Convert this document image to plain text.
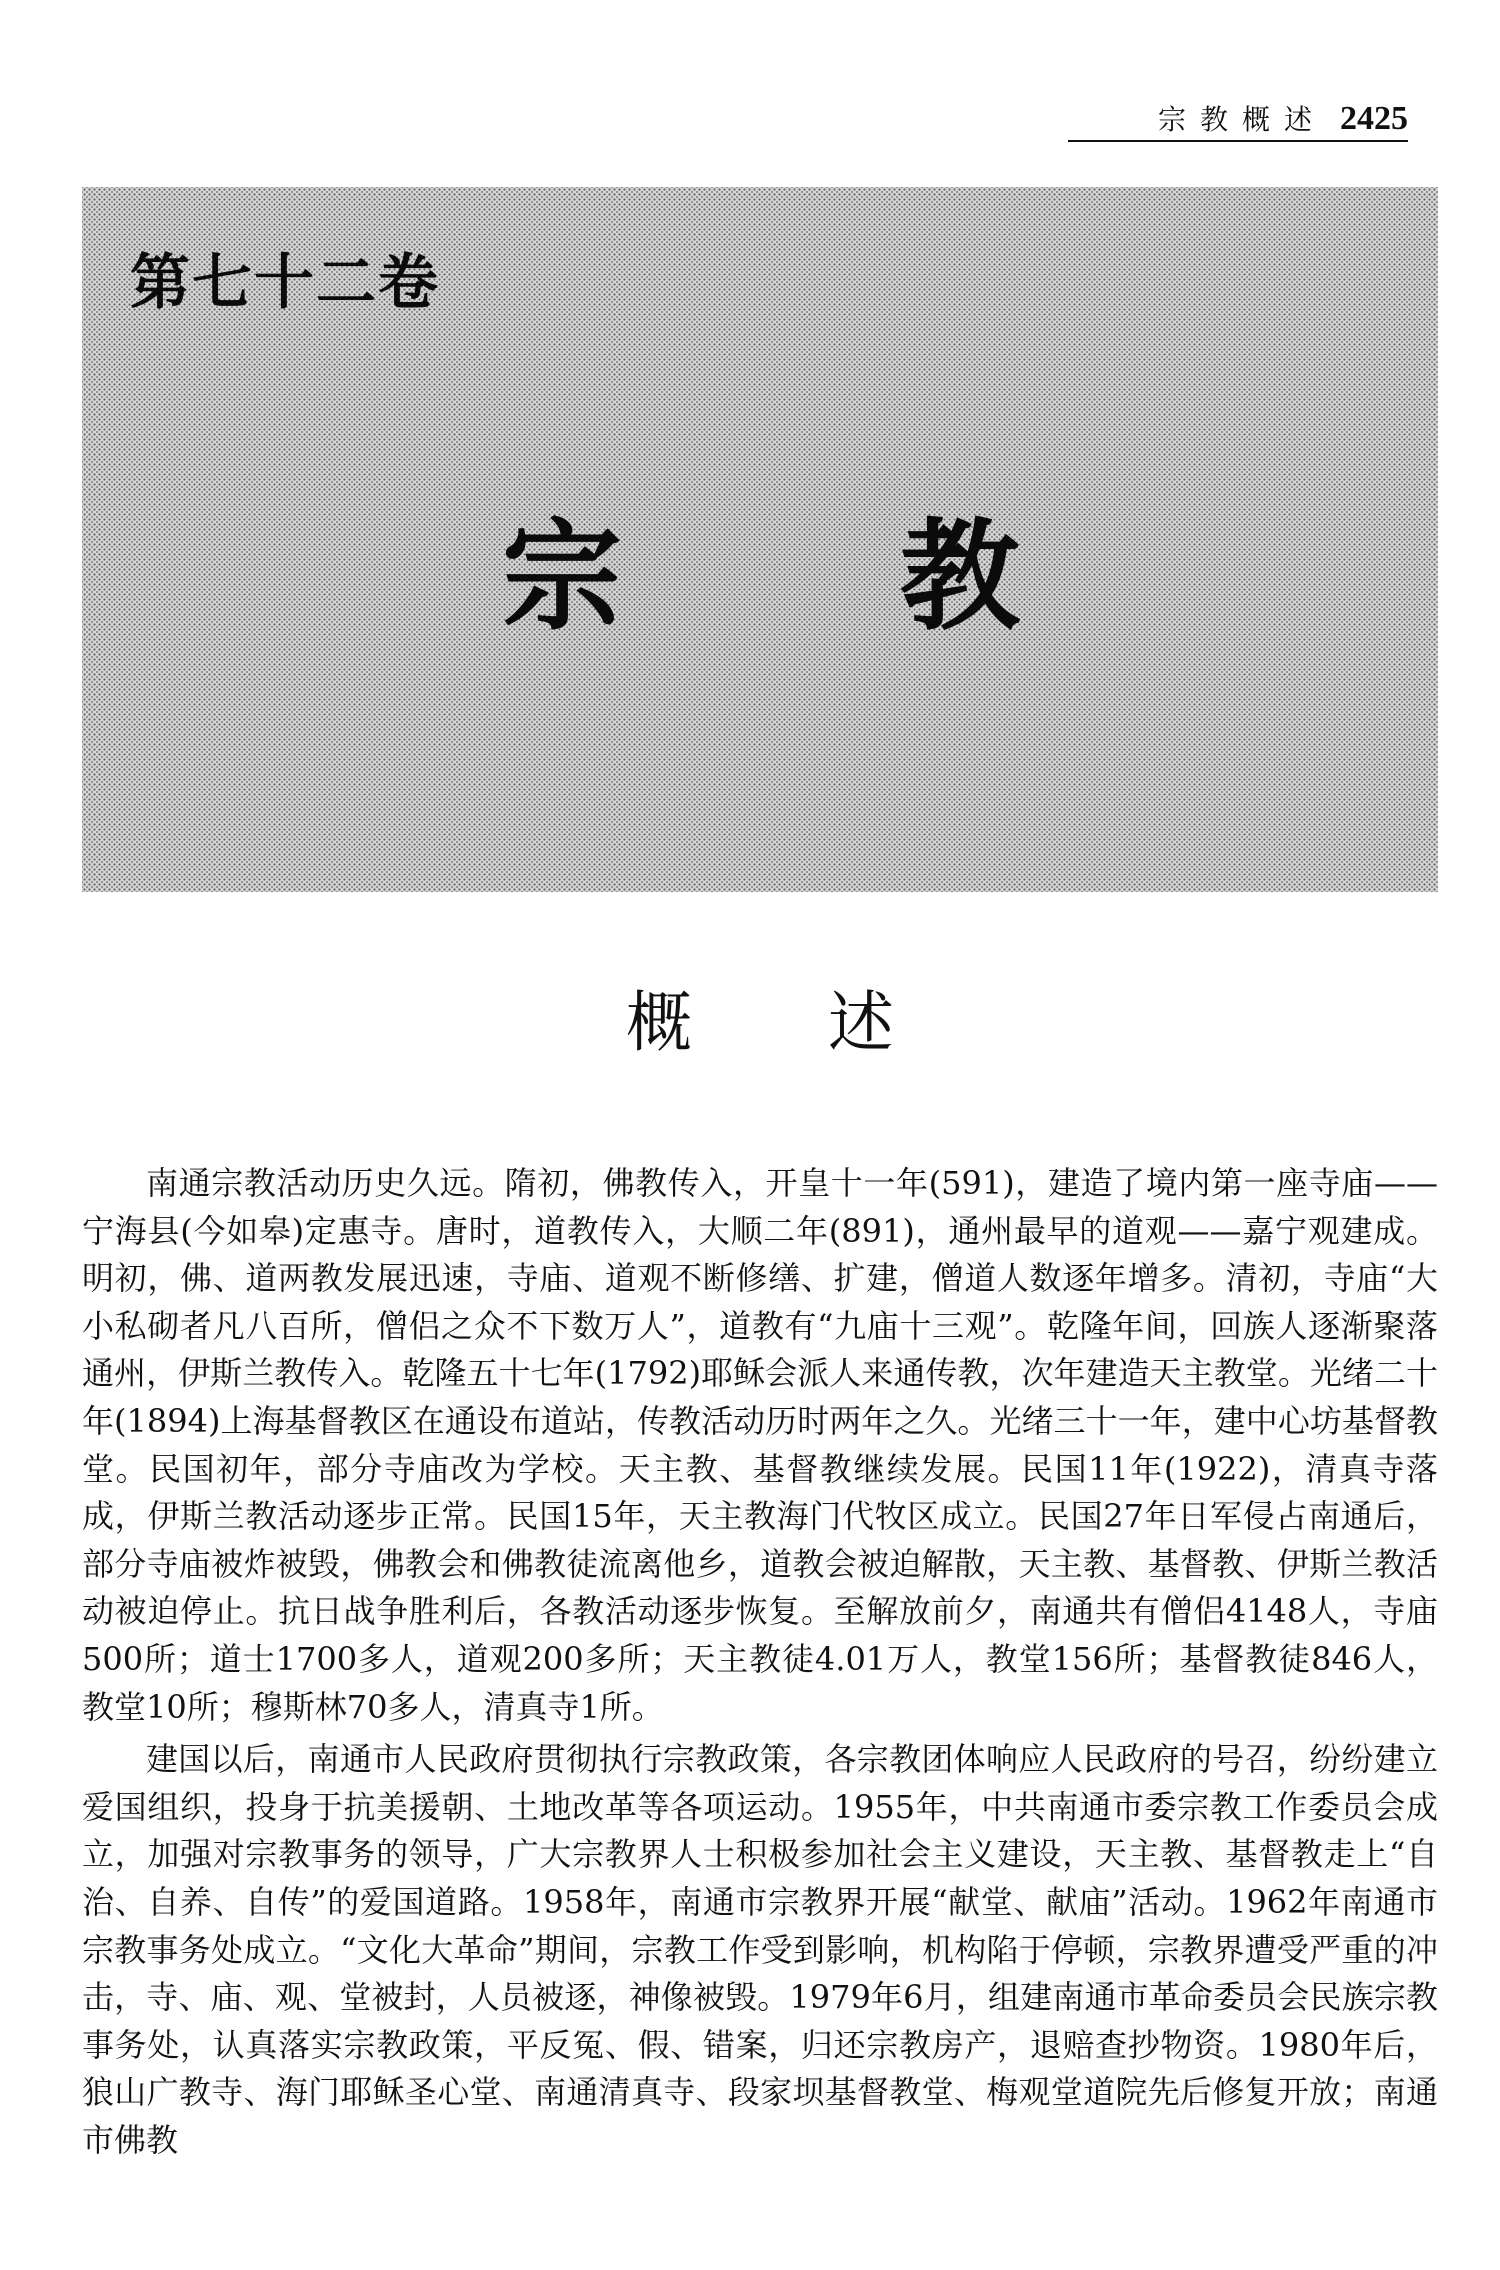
宗教概述 2425
第七十二卷
宗 教
概 述

南通宗教活动历史久远。隋初，佛教传入，开皇十一年(591)，建造了境内第一座寺庙——宁海县(今如皋)定惠寺。唐时，道教传入，大顺二年(891)，通州最早的道观——嘉宁观建成。明初，佛、道两教发展迅速，寺庙、道观不断修缮、扩建，僧道人数逐年增多。清初，寺庙“大小私砌者凡八百所，僧侣之众不下数万人”，道教有“九庙十三观”。乾隆年间，回族人逐渐聚落通州，伊斯兰教传入。乾隆五十七年(1792)耶稣会派人来通传教，次年建造天主教堂。光绪二十年(1894)上海基督教区在通设布道站，传教活动历时两年之久。光绪三十一年，建中心坊基督教堂。民国初年，部分寺庙改为学校。天主教、基督教继续发展。民国11年(1922)，清真寺落成，伊斯兰教活动逐步正常。民国15年，天主教海门代牧区成立。民国27年日军侵占南通后，部分寺庙被炸被毁，佛教会和佛教徒流离他乡，道教会被迫解散，天主教、基督教、伊斯兰教活动被迫停止。抗日战争胜利后，各教活动逐步恢复。至解放前夕，南通共有僧侣4148人，寺庙500所；道士1700多人，道观200多所；天主教徒4.01万人，教堂156所；基督教徒846人，教堂10所；穆斯林70多人，清真寺1所。

建国以后，南通市人民政府贯彻执行宗教政策，各宗教团体响应人民政府的号召，纷纷建立爱国组织，投身于抗美援朝、土地改革等各项运动。1955年，中共南通市委宗教工作委员会成立，加强对宗教事务的领导，广大宗教界人士积极参加社会主义建设，天主教、基督教走上“自治、自养、自传”的爱国道路。1958年，南通市宗教界开展“献堂、献庙”活动。1962年南通市宗教事务处成立。“文化大革命”期间，宗教工作受到影响，机构陷于停顿，宗教界遭受严重的冲击，寺、庙、观、堂被封，人员被逐，神像被毁。1979年6月，组建南通市革命委员会民族宗教事务处，认真落实宗教政策，平反冤、假、错案，归还宗教房产，退赔查抄物资。1980年后，狼山广教寺、海门耶稣圣心堂、南通清真寺、段家坝基督教堂、梅观堂道院先后修复开放；南通市佛教
